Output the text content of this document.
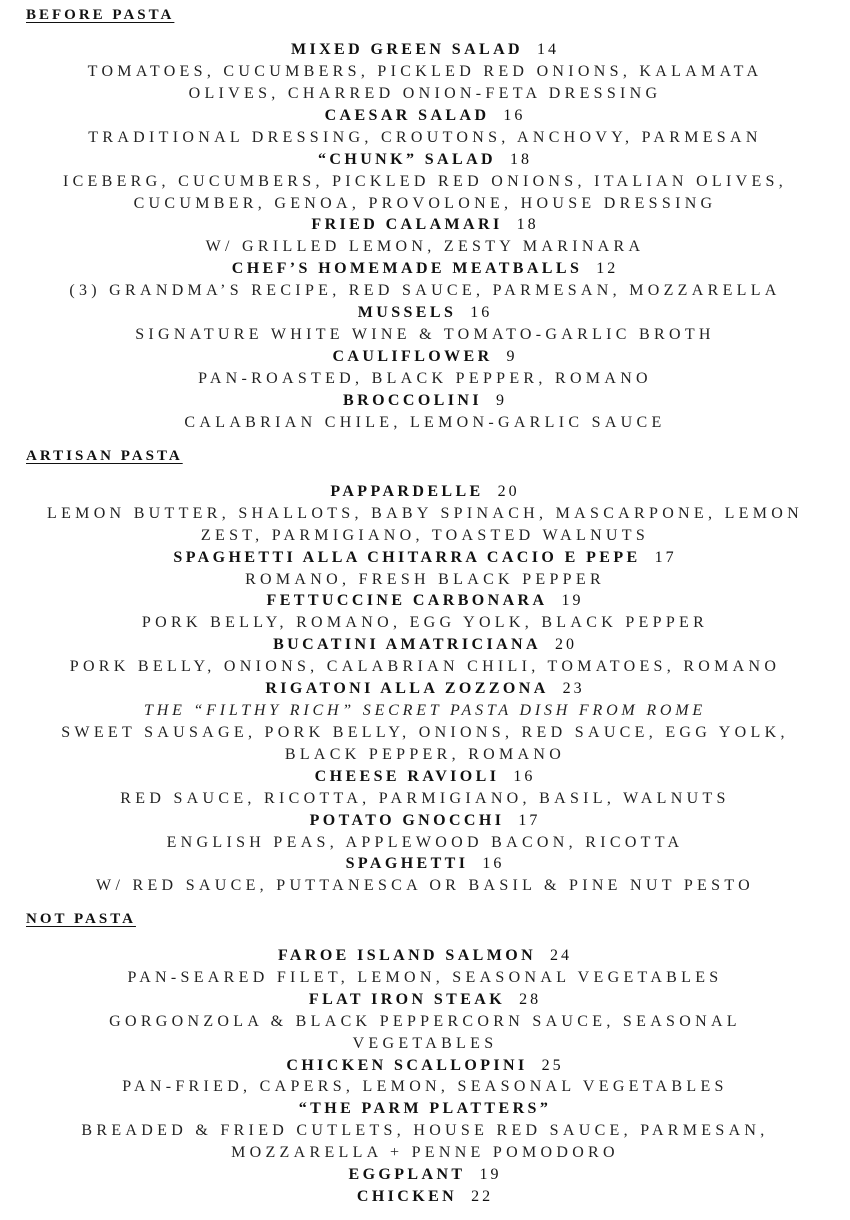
BEFORE PASTA
MIXED GREEN SALAD 14
TOMATOES, CUCUMBERS, PICKLED RED ONIONS, KALAMATA
OLIVES, CHARRED ONION-FETA DRESSING
CAESAR SALAD 16
TRADITIONAL DRESSING, CROUTONS, ANCHOVY, PARMESAN
“CHUNK” SALAD 18
ICEBERG, CUCUMBERS, PICKLED RED ONIONS, ITALIAN OLIVES,
CUCUMBER, GENOA, PROVOLONE, HOUSE DRESSING
FRIED CALAMARI 18
W/ GRILLED LEMON, ZESTY MARINARA
CHEF’S HOMEMADE MEATBALLS 12
(3) GRANDMA’S RECIPE, RED SAUCE, PARMESAN, MOZZARELLA
MUSSELS 16
SIGNATURE WHITE WINE & TOMATO-GARLIC BROTH
CAULIFLOWER 9
PAN-ROASTED, BLACK PEPPER, ROMANO
BROCCOLINI 9
CALABRIAN CHILE, LEMON-GARLIC SAUCE
ARTISAN PASTA
PAPPARDELLE 20
LEMON BUTTER, SHALLOTS, BABY SPINACH, MASCARPONE, LEMON
ZEST, PARMIGIANO, TOASTED WALNUTS
SPAGHETTI ALLA CHITARRA CACIO E PEPE 17
ROMANO, FRESH BLACK PEPPER
FETTUCCINE CARBONARA 19
PORK BELLY, ROMANO, EGG YOLK, BLACK PEPPER
BUCATINI AMATRICIANA 20
PORK BELLY, ONIONS, CALABRIAN CHILI, TOMATOES, ROMANO
RIGATONI ALLA ZOZZONA 23
THE “FILTHY RICH” SECRET PASTA DISH FROM ROME
SWEET SAUSAGE, PORK BELLY, ONIONS, RED SAUCE, EGG YOLK,
BLACK PEPPER, ROMANO
CHEESE RAVIOLI 16
RED SAUCE, RICOTTA, PARMIGIANO, BASIL, WALNUTS
POTATO GNOCCHI 17
ENGLISH PEAS, APPLEWOOD BACON, RICOTTA
SPAGHETTI 16
W/ RED SAUCE, PUTTANESCA OR BASIL & PINE NUT PESTO
NOT PASTA
FAROE ISLAND SALMON 24
PAN-SEARED FILET, LEMON, SEASONAL VEGETABLES
FLAT IRON STEAK 28
GORGONZOLA & BLACK PEPPERCORN SAUCE, SEASONAL
VEGETABLES
CHICKEN SCALLOPINI 25
PAN-FRIED, CAPERS, LEMON, SEASONAL VEGETABLES
“THE PARM PLATTERS”
BREADED & FRIED CUTLETS, HOUSE RED SAUCE, PARMESAN,
MOZZARELLA + PENNE POMODORO
EGGPLANT 19
CHICKEN 22
